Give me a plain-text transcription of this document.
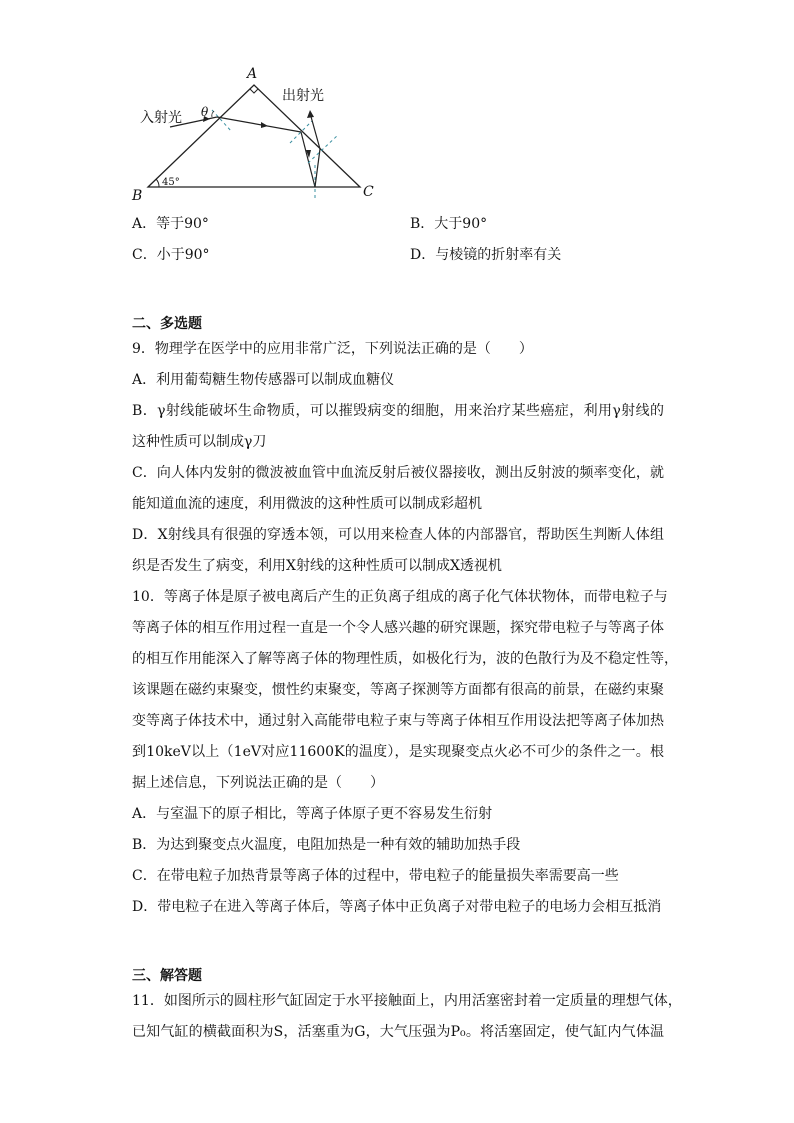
A
B	C
45°
θ
入射光
出射光
A．等于90°	B．大于90°
C．小于90°	D．与棱镜的折射率有关
二、多选题
9．物理学在医学中的应用非常广泛，下列说法正确的是（　　）
A．利用葡萄糖生物传感器可以制成血糖仪
B．γ射线能破坏生命物质，可以摧毁病变的细胞，用来治疗某些癌症，利用γ射线的
这种性质可以制成γ刀
C．向人体内发射的微波被血管中血流反射后被仪器接收，测出反射波的频率变化，就
能知道血流的速度，利用微波的这种性质可以制成彩超机
D．X射线具有很强的穿透本领，可以用来检查人体的内部器官，帮助医生判断人体组
织是否发生了病变，利用X射线的这种性质可以制成X透视机
10．等离子体是原子被电离后产生的正负离子组成的离子化气体状物体，而带电粒子与
等离子体的相互作用过程一直是一个令人感兴趣的研究课题，探究带电粒子与等离子体
的相互作用能深入了解等离子体的物理性质，如极化行为，波的色散行为及不稳定性等，
该课题在磁约束聚变，惯性约束聚变，等离子探测等方面都有很高的前景，在磁约束聚
变等离子体技术中，通过射入高能带电粒子束与等离子体相互作用设法把等离子体加热
到10keV以上（1eV对应11600K的温度），是实现聚变点火必不可少的条件之一。根
据上述信息，下列说法正确的是（　　）
A．与室温下的原子相比，等离子体原子更不容易发生衍射
B．为达到聚变点火温度，电阻加热是一种有效的辅助加热手段
C．在带电粒子加热背景等离子体的过程中，带电粒子的能量损失率需要高一些
D．带电粒子在进入等离子体后，等离子体中正负离子对带电粒子的电场力会相互抵消
三、解答题
11．如图所示的圆柱形气缸固定于水平接触面上，内用活塞密封着一定质量的理想气体，
已知气缸的横截面积为S，活塞重为G，大气压强为P₀。将活塞固定，使气缸内气体温
